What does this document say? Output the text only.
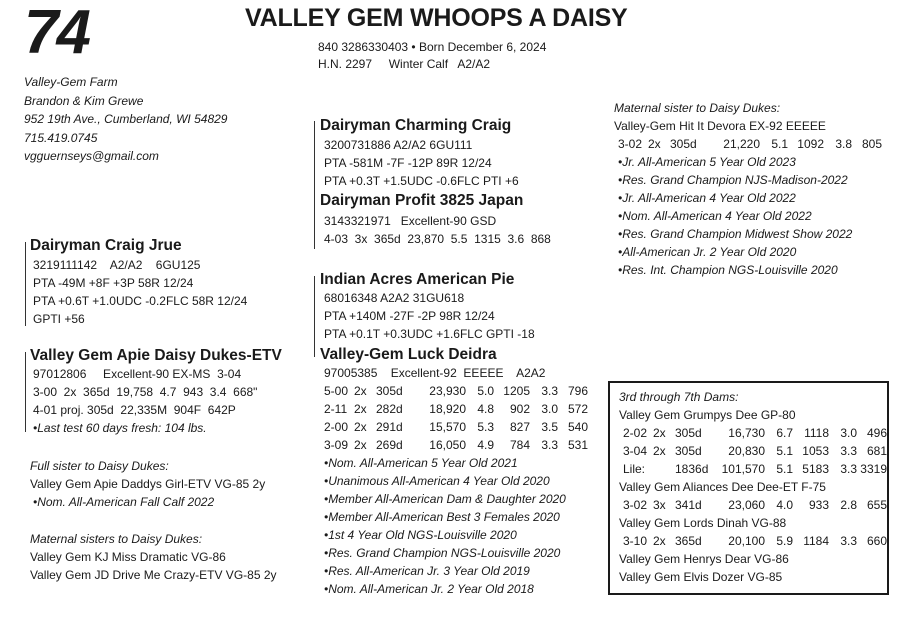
74	VALLEY GEM WHOOPS A DAISY
840 3286330403 • Born December 6, 2024
H.N. 2297     Winter Calf   A2/A2
Valley-Gem Farm
Brandon & Kim Grewe
952 19th Ave., Cumberland, WI 54829
715.419.0745
vgguernseys@gmail.com
Dairyman Craig Jrue
3219111142    A2/A2    6GU125
PTA -49M +8F +3P 58R 12/24
PTA +0.6T +1.0UDC -0.2FLC 58R 12/24
GPTI +56
Dairyman Charming Craig
3200731886 A2/A2 6GU111
PTA -581M -7F -12P 89R 12/24
PTA +0.3T +1.5UDC -0.6FLC PTI +6
Dairyman Profit 3825 Japan
3143321971   Excellent-90 GSD
4-03  3x  365d  23,870  5.5  1315  3.6  868
Valley Gem Apie Daisy Dukes-ETV
97012806     Excellent-90 EX-MS  3-04
3-00  2x  365d  19,758  4.7  943  3.4  668"
4-01 proj. 305d  22,335M  904F  642P
•Last test 60 days fresh: 104 lbs.
Indian Acres American Pie
68016348 A2A2 31GU618
PTA +140M -27F -2P 98R 12/24
PTA +0.1T +0.3UDC +1.6FLC GPTI -18
Valley-Gem Luck Deidra
97005385    Excellent-92  EEEEE    A2A2
5-00 2x 305d 23,930 5.0 1205 3.3 796
2-11 2x 282d 18,920 4.8 902 3.0 572
2-00 2x 291d 15,570 5.3 827 3.5 540
3-09 2x 269d 16,050 4.9 784 3.3 531
•Nom. All-American 5 Year Old 2021
•Unanimous All-American 4 Year Old 2020
•Member All-American Dam & Daughter 2020
•Member All-American Best 3 Females 2020
•1st 4 Year Old NGS-Louisville 2020
•Res. Grand Champion NGS-Louisville 2020
•Res. All-American Jr. 3 Year Old 2019
•Nom. All-American Jr. 2 Year Old 2018
Full sister to Daisy Dukes:
Valley Gem Apie Daddys Girl-ETV VG-85 2y
•Nom. All-American Fall Calf 2022
Maternal sisters to Daisy Dukes:
Valley Gem KJ Miss Dramatic VG-86
Valley Gem JD Drive Me Crazy-ETV VG-85 2y
Maternal sister to Daisy Dukes:
Valley-Gem Hit It Devora EX-92 EEEEE
3-02 2x 305d 21,220 5.1 1092 3.8 805
•Jr. All-American 5 Year Old 2023
•Res. Grand Champion NJS-Madison-2022
•Jr. All-American 4 Year Old 2022
•Nom. All-American 4 Year Old 2022
•Res. Grand Champion Midwest Show 2022
•All-American Jr. 2 Year Old 2020
•Res. Int. Champion NGS-Louisville 2020
3rd through 7th Dams:
Valley Gem Grumpys Dee GP-80
2-02 2x 305d 16,730 6.7 1118 3.0 496
3-04 2x 305d 20,830 5.1 1053 3.3 681
Lile: 1836d 101,570 5.1 5183 3.3 3319
Valley Gem Aliances Dee Dee-ET F-75
3-02 3x 341d 23,060 4.0 933 2.8 655
Valley Gem Lords Dinah VG-88
3-10 2x 365d 20,100 5.9 1184 3.3 660
Valley Gem Henrys Dear VG-86
Valley Gem Elvis Dozer VG-85
